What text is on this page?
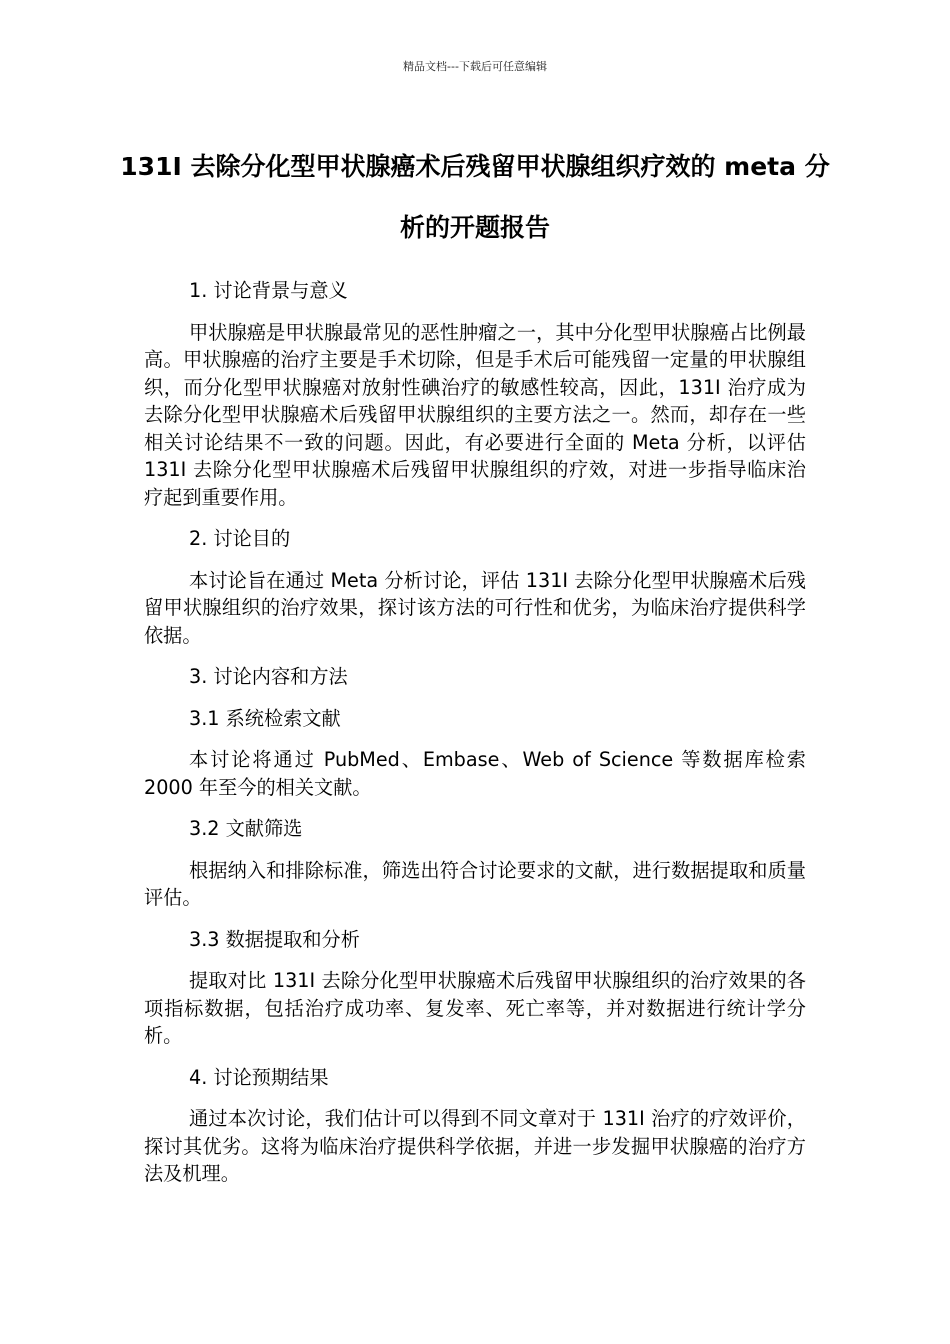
精品文档---下载后可任意编辑
131I 去除分化型甲状腺癌术后残留甲状腺组织疗效的 meta 分析的开题报告

1. 讨论背景与意义

甲状腺癌是甲状腺最常见的恶性肿瘤之一，其中分化型甲状腺癌占比例最高。甲状腺癌的治疗主要是手术切除，但是手术后可能残留一定量的甲状腺组织，而分化型甲状腺癌对放射性碘治疗的敏感性较高，因此，131I 治疗成为去除分化型甲状腺癌术后残留甲状腺组织的主要方法之一。然而，却存在一些相关讨论结果不一致的问题。因此，有必要进行全面的 Meta 分析，以评估 131I 去除分化型甲状腺癌术后残留甲状腺组织的疗效，对进一步指导临床治疗起到重要作用。

2. 讨论目的

本讨论旨在通过 Meta 分析讨论，评估 131I 去除分化型甲状腺癌术后残留甲状腺组织的治疗效果，探讨该方法的可行性和优劣，为临床治疗提供科学依据。

3. 讨论内容和方法

3.1 系统检索文献

本讨论将通过 PubMed、Embase、Web of Science 等数据库检索 2000 年至今的相关文献。

3.2 文献筛选

根据纳入和排除标准，筛选出符合讨论要求的文献，进行数据提取和质量评估。

3.3 数据提取和分析

提取对比 131I 去除分化型甲状腺癌术后残留甲状腺组织的治疗效果的各项指标数据，包括治疗成功率、复发率、死亡率等，并对数据进行统计学分析。

4. 讨论预期结果

通过本次讨论，我们估计可以得到不同文章对于 131I 治疗的疗效评价，探讨其优劣。这将为临床治疗提供科学依据，并进一步发掘甲状腺癌的治疗方法及机理。
